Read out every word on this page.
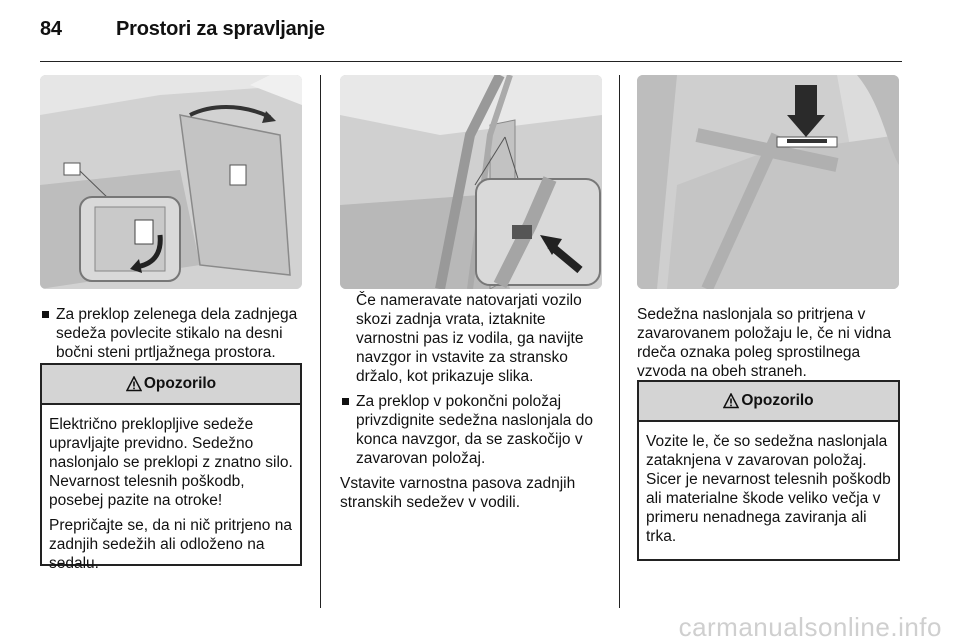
84	Prostori za spravljanje
Za preklop zelenega dela zadnjega sedeža povlecite stikalo na desni bočni steni prtljažnega prostora.
Opozorilo

Električno preklopljive sedeže upravljajte previdno. Sedežno naslonjalo se preklopi z znatno silo. Nevarnost telesnih poškodb, posebej pazite na otroke!

Prepričajte se, da ni nič pritrjeno na zadnjih sedežih ali odloženo na sedalu.

Če nameravate natovarjati vozilo skozi zadnja vrata, iztaknite varnostni pas iz vodila, ga navijte navzgor in vstavite za stransko držalo, kot prikazuje slika.

Za preklop v pokončni položaj privzdignite sedežna naslonjala do konca navzgor, da se zaskočijo v zavarovan položaj.

Vstavite varnostna pasova zadnjih stranskih sedežev v vodili.

Sedežna naslonjala so pritrjena v zavarovanem položaju le, če ni vidna rdeča oznaka poleg sprostilnega vzvoda na obeh straneh.

Opozorilo

Vozite le, če so sedežna naslonjala zataknjena v zavarovan položaj. Sicer je nevarnost telesnih poškodb ali materialne škode veliko večja v primeru nenadnega zaviranja ali trka.

carmanualsonline.info
